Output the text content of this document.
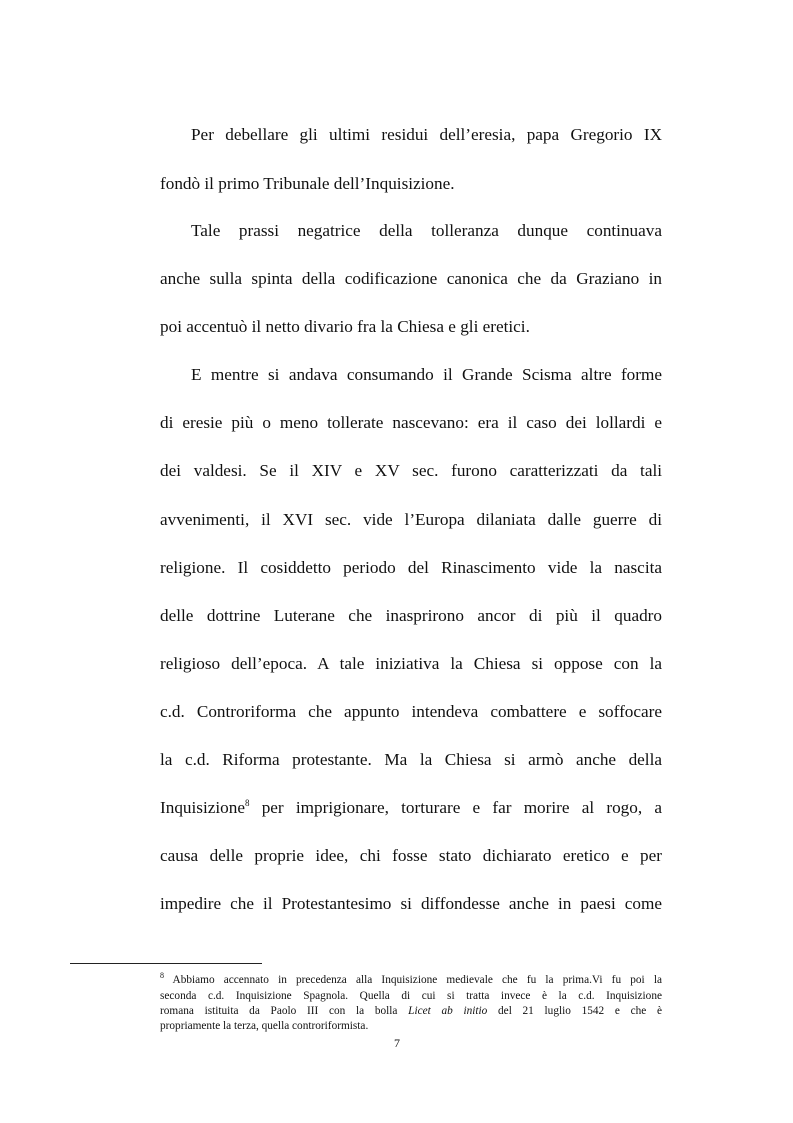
Per debellare gli ultimi residui dell’eresia, papa Gregorio IX

fondò il primo Tribunale dell’Inquisizione.

Tale prassi negatrice della tolleranza dunque continuava

anche sulla spinta della codificazione canonica che da Graziano in

poi accentuò il netto divario fra la Chiesa e gli eretici.

E mentre si andava consumando il Grande Scisma altre forme

di eresie più o meno tollerate nascevano: era il caso dei lollardi e

dei valdesi. Se il XIV e XV sec. furono caratterizzati da tali

avvenimenti, il XVI sec. vide l’Europa dilaniata dalle guerre di

religione. Il cosiddetto periodo del Rinascimento vide la nascita

delle dottrine Luterane che inasprirono ancor di più il quadro

religioso dell’epoca. A tale iniziativa la Chiesa si oppose con la

c.d. Controriforma che appunto intendeva combattere e soffocare

la c.d. Riforma protestante. Ma la Chiesa si armò anche della

Inquisizione$^8$ per imprigionare, torturare e far morire al rogo, a

causa delle proprie idee, chi fosse stato dichiarato eretico e per

impedire che il Protestantesimo si diffondesse anche in paesi come

$^8$ Abbiamo accennato in precedenza alla Inquisizione medievale che fu la prima.Vi fu poi la

seconda c.d. Inquisizione Spagnola. Quella di cui si tratta invece è la c.d. Inquisizione

romana istituita da Paolo III con la bolla Licet ab initio del 21 luglio 1542 e che è

propriamente la terza, quella controriformista.

7
